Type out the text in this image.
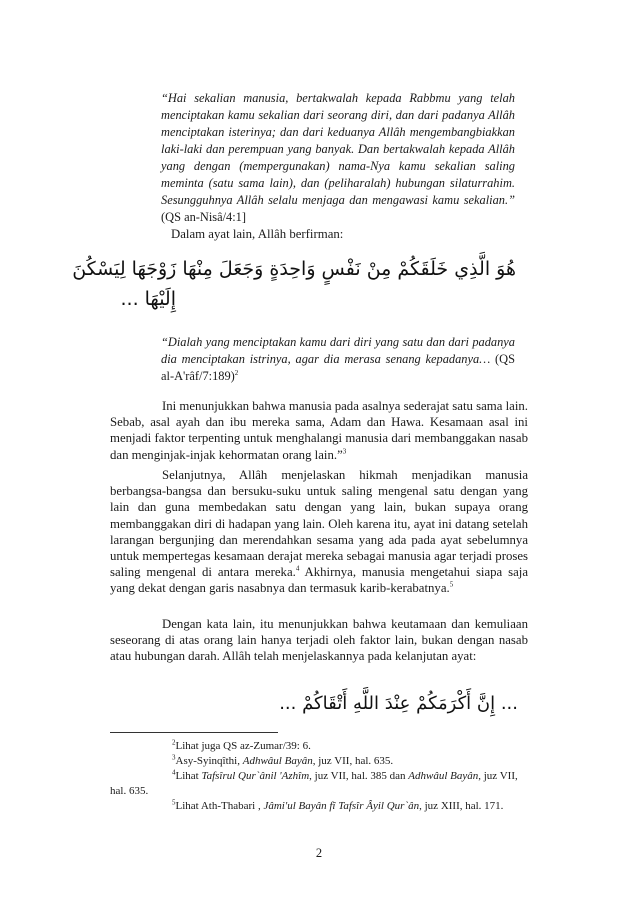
“Hai sekalian manusia, bertakwalah kepada Rabbmu yang telah menciptakan kamu sekalian dari seorang diri, dan dari padanya Allâh menciptakan isterinya; dan dari keduanya Allâh mengembangbiakkan laki-laki dan perempuan yang banyak. Dan bertakwalah kepada Allâh yang dengan (mempergunakan) nama-Nya kamu sekalian saling meminta (satu sama lain), dan (peliharalah) hubungan silaturrahim. Sesungguhnya Allâh selalu menjaga dan mengawasi kamu sekalian.” (QS an-Nisâ/4:1]
Dalam ayat lain, Allâh berfirman:
هُوَ الَّذِي خَلَقَكُمْ مِنْ نَفْسٍ وَاحِدَةٍ وَجَعَلَ مِنْهَا زَوْجَهَا لِيَسْكُنَ
إِلَيْهَا ...
“Dialah yang menciptakan kamu dari diri yang satu dan dari padanya dia menciptakan istrinya, agar dia merasa senang kepadanya… (QS al-A'râf/7:189)$^2$
Ini menunjukkan bahwa manusia pada asalnya sederajat satu sama lain. Sebab, asal ayah dan ibu mereka sama, Adam dan Hawa. Kesamaan asal ini menjadi faktor terpenting untuk menghalangi manusia dari membanggakan nasab dan menginjak-injak kehormatan orang lain.”$^3$
Selanjutnya, Allâh menjelaskan hikmah menjadikan manusia berbangsa-bangsa dan bersuku-suku untuk saling mengenal satu dengan yang lain dan guna membedakan satu dengan yang lain, bukan supaya orang membanggakan diri di hadapan yang lain. Oleh karena itu, ayat ini datang setelah larangan bergunjing dan merendahkan sesama yang ada pada ayat sebelumnya untuk mempertegas kesamaan derajat mereka sebagai manusia agar terjadi proses saling mengenal di antara mereka.$^4$ Akhirnya, manusia mengetahui siapa saja yang dekat dengan garis nasabnya dan termasuk karib-kerabatnya.$^5$
Dengan kata lain, itu menunjukkan bahwa keutamaan dan kemuliaan seseorang di atas orang lain hanya terjadi oleh faktor lain, bukan dengan nasab atau hubungan darah. Allâh telah menjelaskannya pada kelanjutan ayat:
... إِنَّ أَكْرَمَكُمْ عِنْدَ اللَّهِ أَتْقَاكُمْ ...
$^2$Lihat juga QS az-Zumar/39: 6.
$^3$Asy-Syinqîthi, Adhwâul Bayân, juz VII, hal. 635.
$^4$Lihat Tafsîrul Qur`ânil 'Azhîm, juz VII, hal. 385 dan Adhwâul Bayân, juz VII, hal. 635.
$^5$Lihat Ath-Thabari , Jâmi'ul Bayân fî Tafsîr Âyil Qur`ân, juz XIII, hal. 171.
2
